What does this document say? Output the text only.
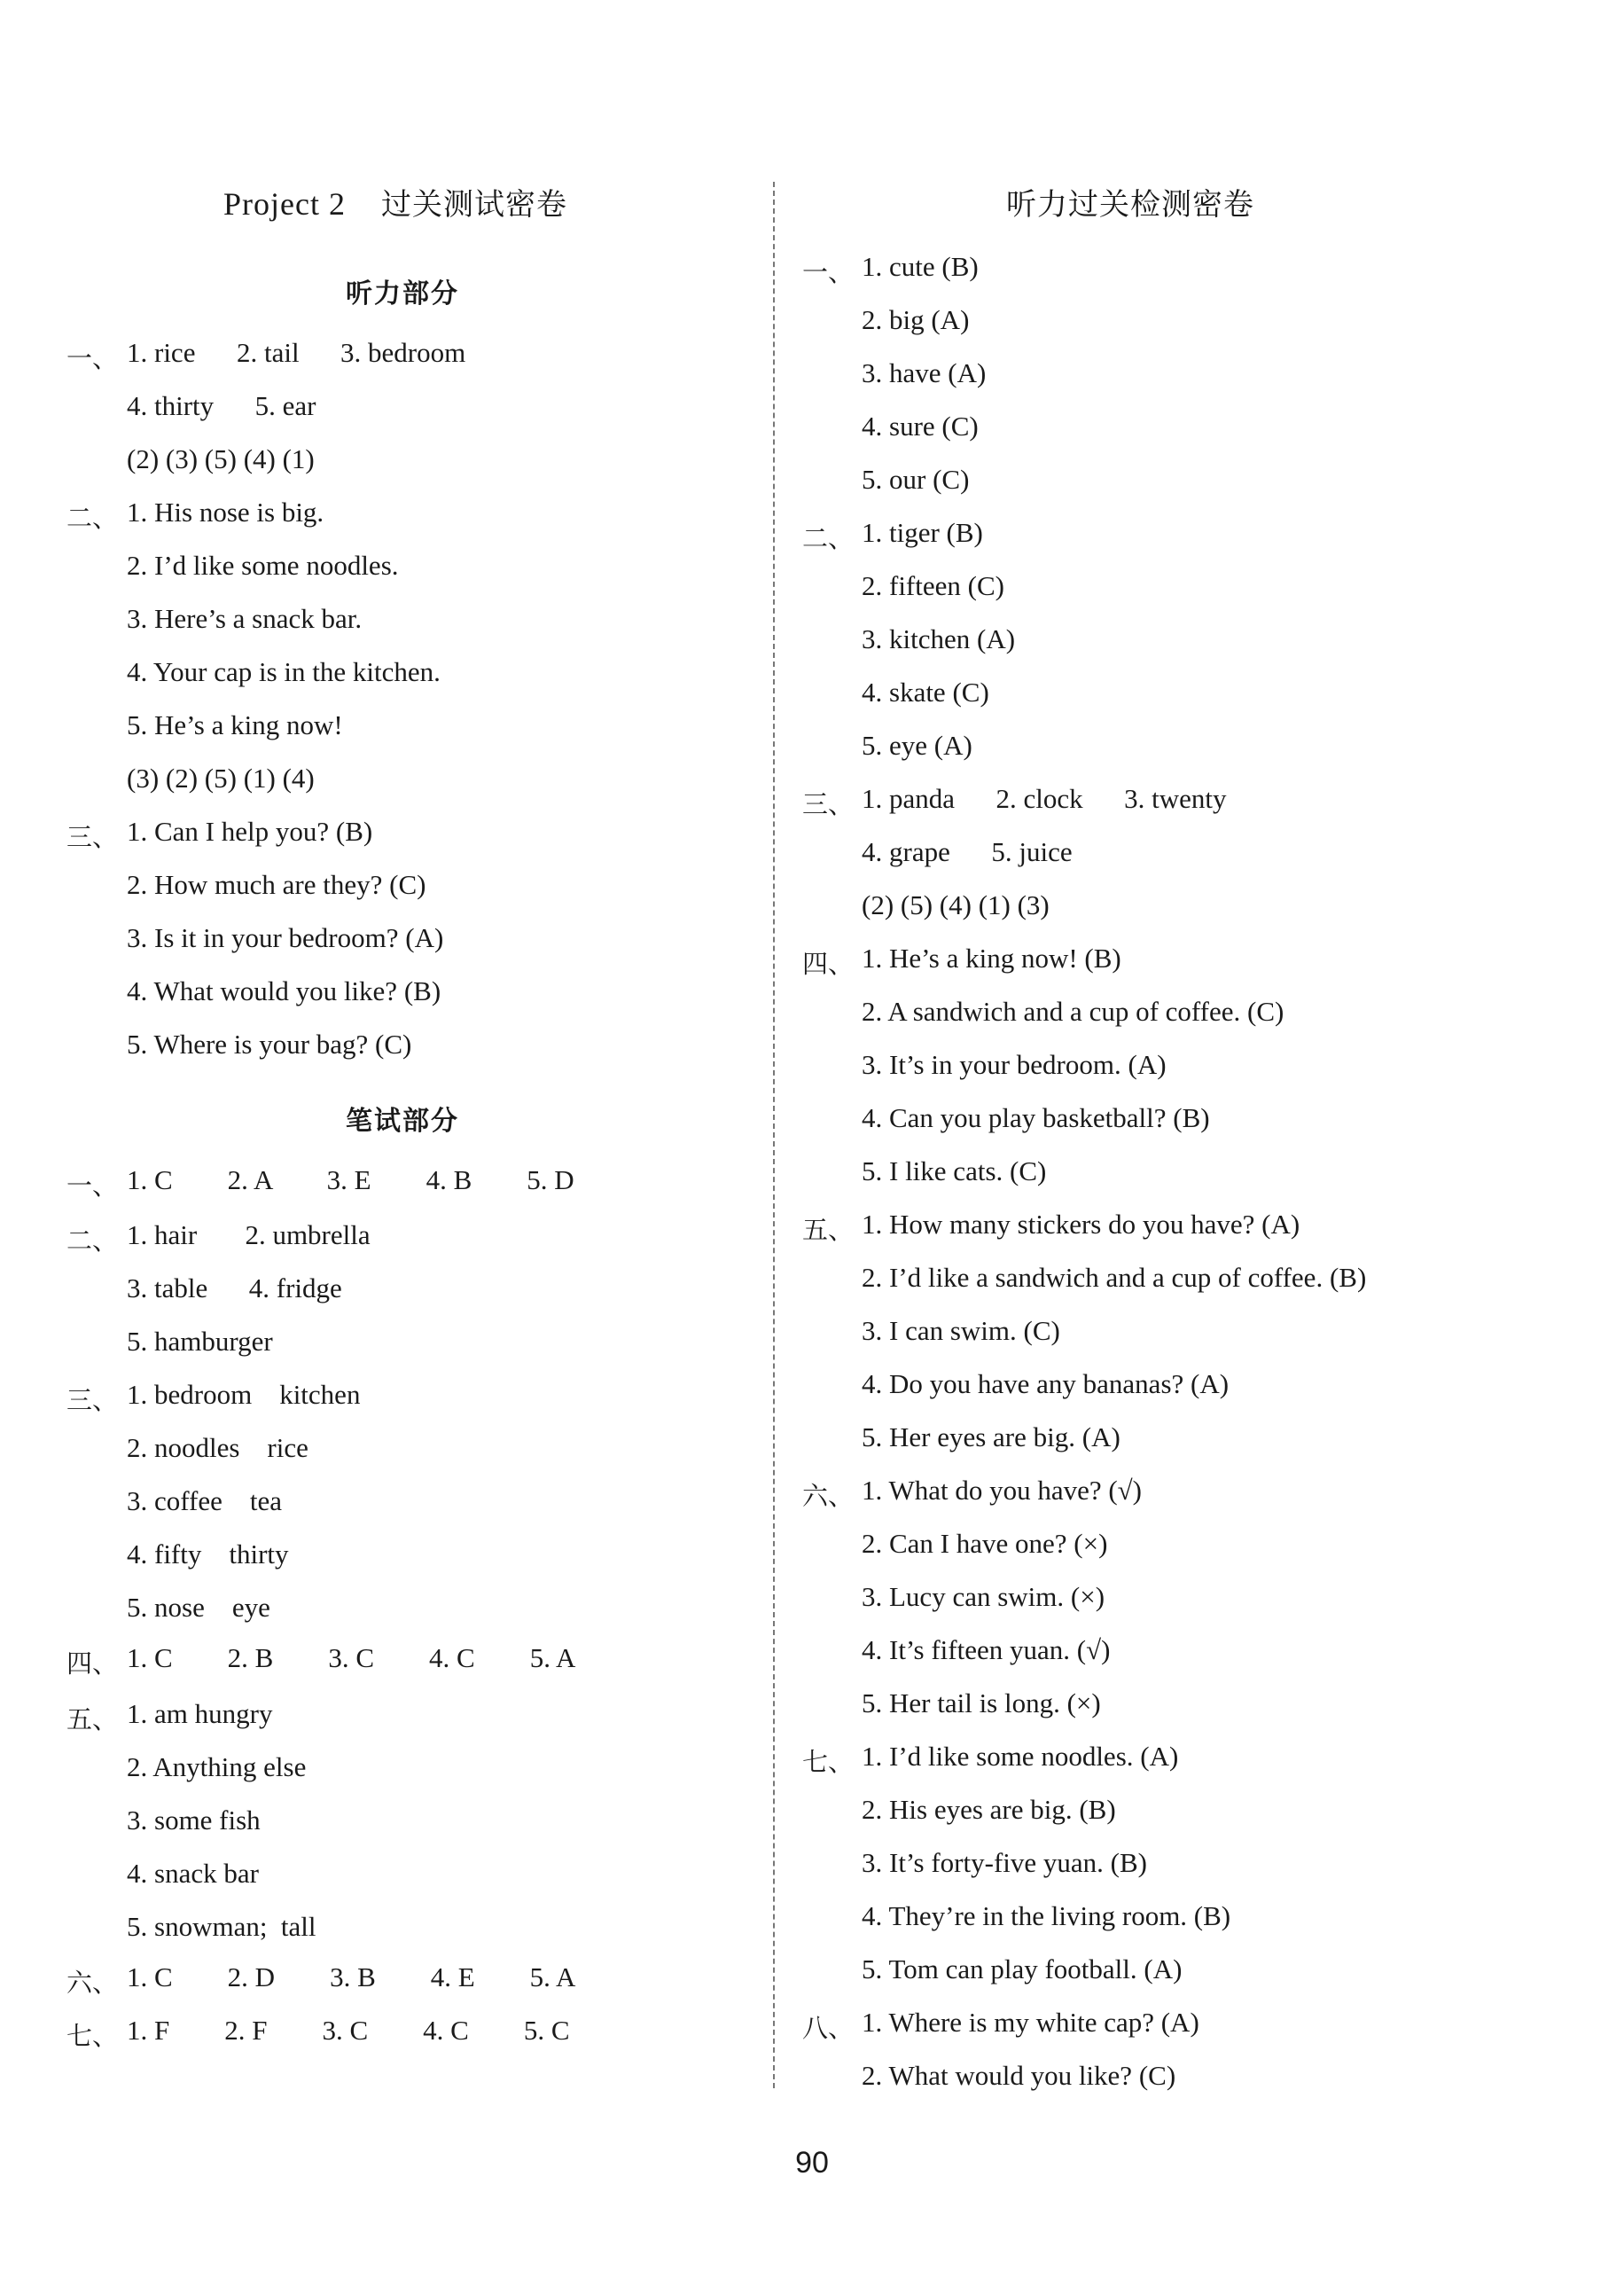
Project 2 过关测试密卷
听力部分
笔试部分
一、 1. rice      2. tail      3. bedroom
4. thirty      5. ear
(2) (3) (5) (4) (1)
二、 1. His nose is big.
2. I’d like some noodles.
3. Here’s a snack bar.
4. Your cap is in the kitchen.
5. He’s a king now!
(3) (2) (5) (1) (4)
三、 1. Can I help you? (B)
2. How much are they? (C)
3. Is it in your bedroom? (A)
4. What would you like? (B)
5. Where is your bag? (C)
一、 1. C        2. A        3. E        4. B        5. D
二、 1. hair       2. umbrella
3. table      4. fridge
5. hamburger
三、 1. bedroom    kitchen
2. noodles    rice
3. coffee    tea
4. fifty    thirty
5. nose    eye
四、 1. C        2. B        3. C        4. C        5. A
五、 1. am hungry
2. Anything else
3. some fish
4. snack bar
5. snowman;  tall
六、 1. C        2. D        3. B        4. E        5. A
七、 1. F        2. F        3. C        4. C        5. C
听力过关检测密卷
一、 1. cute (B)
2. big (A)
3. have (A)
4. sure (C)
5. our (C)
二、 1. tiger (B)
2. fifteen (C)
3. kitchen (A)
4. skate (C)
5. eye (A)
三、 1. panda      2. clock      3. twenty
4. grape      5. juice
(2) (5) (4) (1) (3)
四、 1. He’s a king now! (B)
2. A sandwich and a cup of coffee. (C)
3. It’s in your bedroom. (A)
4. Can you play basketball? (B)
5. I like cats. (C)
五、 1. How many stickers do you have? (A)
2. I’d like a sandwich and a cup of coffee. (B)
3. I can swim. (C)
4. Do you have any bananas? (A)
5. Her eyes are big. (A)
六、 1. What do you have? (√)
2. Can I have one? (×)
3. Lucy can swim. (×)
4. It’s fifteen yuan. (√)
5. Her tail is long. (×)
七、 1. I’d like some noodles. (A)
2. His eyes are big. (B)
3. It’s forty-five yuan. (B)
4. They’re in the living room. (B)
5. Tom can play football. (A)
八、 1. Where is my white cap? (A)
2. What would you like? (C)
90
